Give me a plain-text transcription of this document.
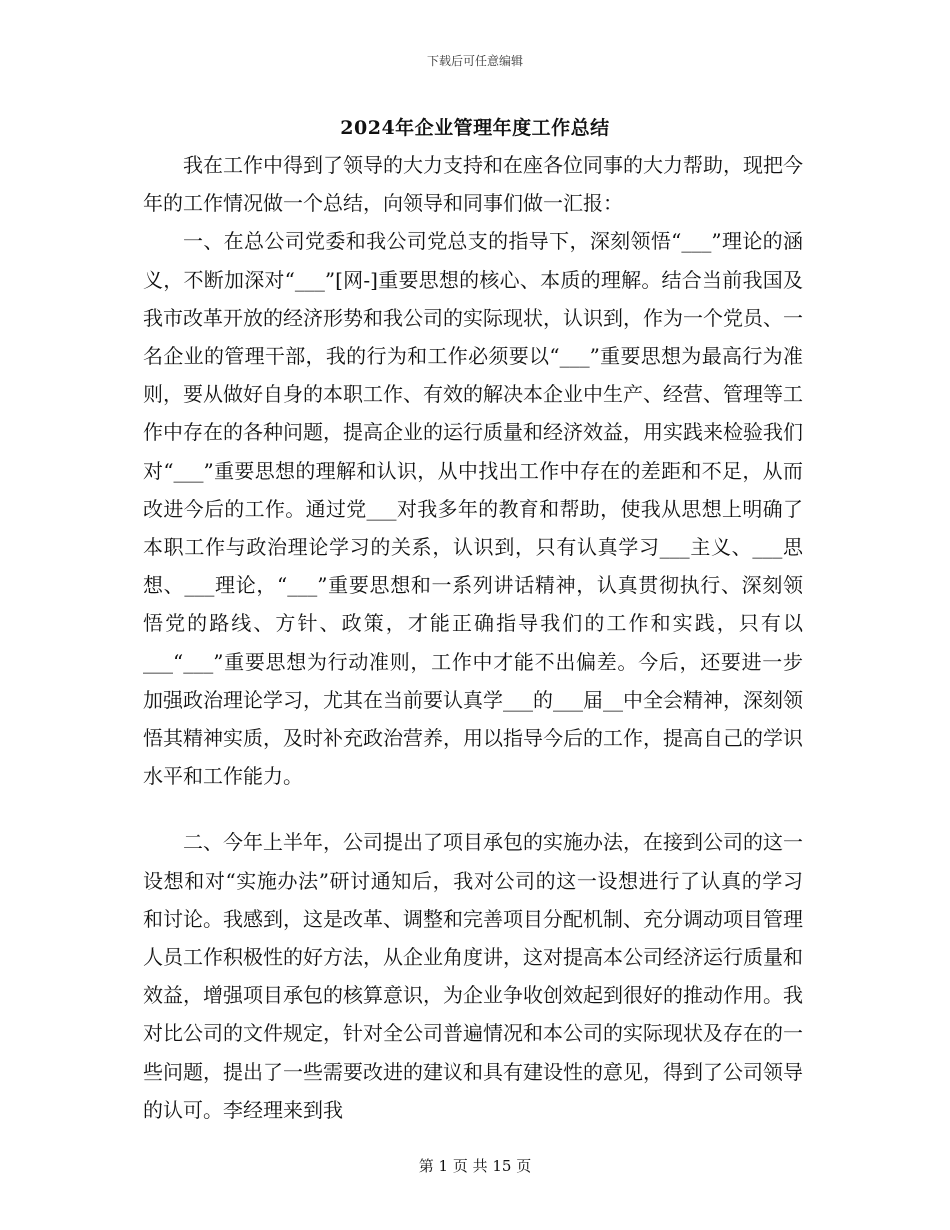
下载后可任意编辑
2024年企业管理年度工作总结

我在工作中得到了领导的大力支持和在座各位同事的大力帮助，现把今年的工作情况做一个总结，向领导和同事们做一汇报：

一、在总公司党委和我公司党总支的指导下，深刻领悟“___”理论的涵义，不断加深对“___”[网-]重要思想的核心、本质的理解。结合当前我国及我市改革开放的经济形势和我公司的实际现状，认识到，作为一个党员、一名企业的管理干部，我的行为和工作必须要以“___”重要思想为最高行为准则，要从做好自身的本职工作、有效的解决本企业中生产、经营、管理等工作中存在的各种问题，提高企业的运行质量和经济效益，用实践来检验我们对“___”重要思想的理解和认识，从中找出工作中存在的差距和不足，从而改进今后的工作。通过党___对我多年的教育和帮助，使我从思想上明确了本职工作与政治理论学习的关系，认识到，只有认真学习___主义、___思想、___理论，“___”重要思想和一系列讲话精神，认真贯彻执行、深刻领悟党的路线、方针、政策，才能正确指导我们的工作和实践，只有以___“___”重要思想为行动准则，工作中才能不出偏差。今后，还要进一步加强政治理论学习，尤其在当前要认真学___的___届__中全会精神，深刻领悟其精神实质，及时补充政治营养，用以指导今后的工作，提高自己的学识水平和工作能力。

二、今年上半年，公司提出了项目承包的实施办法，在接到公司的这一设想和对“实施办法”研讨通知后，我对公司的这一设想进行了认真的学习和讨论。我感到，这是改革、调整和完善项目分配机制、充分调动项目管理人员工作积极性的好方法，从企业角度讲，这对提高本公司经济运行质量和效益，增强项目承包的核算意识，为企业争收创效起到很好的推动作用。我对比公司的文件规定，针对全公司普遍情况和本公司的实际现状及存在的一些问题，提出了一些需要改进的建议和具有建设性的意见，得到了公司领导的认可。李经理来到我

第 1 页 共 15 页
